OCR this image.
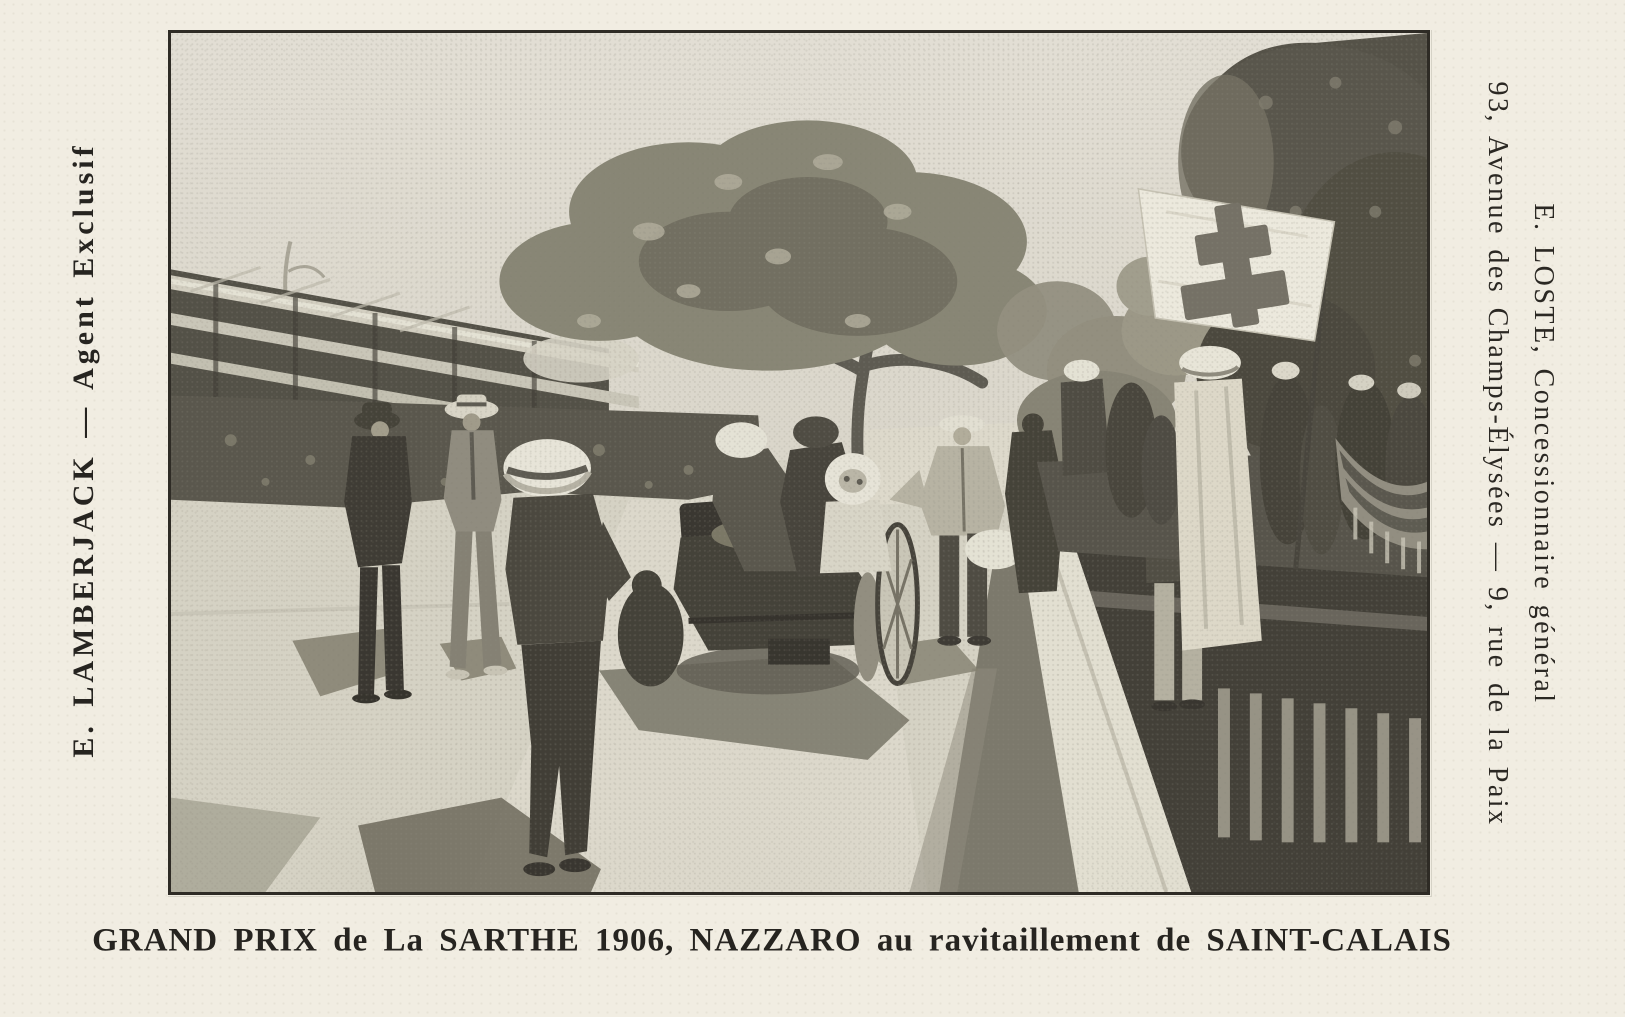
E. LAMBERJACK — Agent Exclusif	E. LOSTE, Concessionnaire général
93, Avenue des Champs-Élysées — 9, rue de la Paix
GRAND PRIX de La SARTHE 1906, NAZZARO au ravitaillement de SAINT-CALAIS
